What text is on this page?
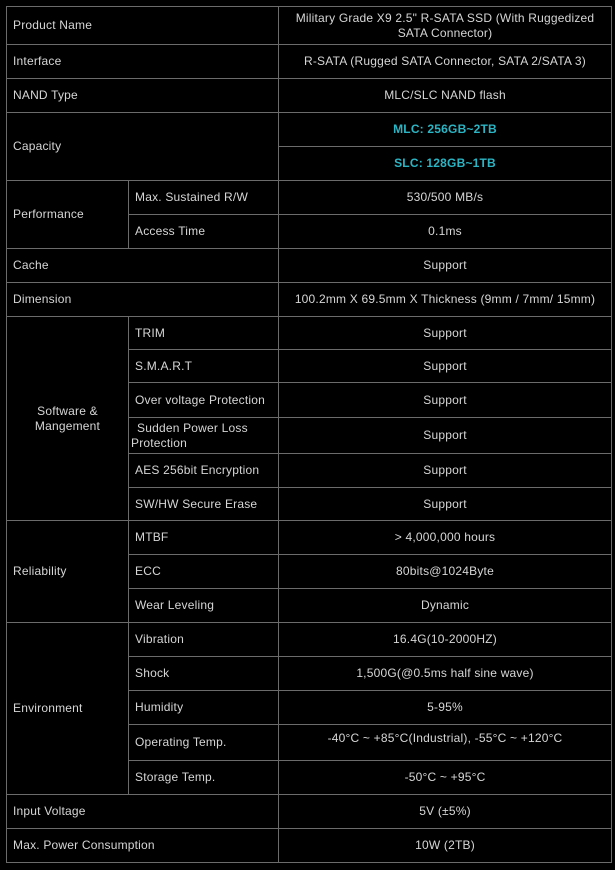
Product Name		Military Grade X9 2.5" R-SATA SSD (With Ruggedized SATA Connector)
Interface		R-SATA (Rugged SATA Connector, SATA 2/SATA 3)
NAND Type		MLC/SLC NAND flash
Capacity		MLC: 256GB~2TB
		SLC: 128GB~1TB
Performance	Max. Sustained R/W	530/500 MB/s
	Access Time	0.1ms
Cache		Support
Dimension		100.2mm X 69.5mm X Thickness (9mm / 7mm/ 15mm)
Software &
Mangement	TRIM	Support
	S.M.A.R.T	Support
	Over voltage Protection	Support
	Sudden Power Loss Protection	Support
	AES 256bit Encryption	Support
	SW/HW Secure Erase	Support
Reliability	MTBF	> 4,000,000 hours
	ECC	80bits@1024Byte
	Wear Leveling	Dynamic
Environment	Vibration	16.4G(10-2000HZ)
	Shock	1,500G(@0.5ms half sine wave)
	Humidity	5-95%
	Operating Temp.	-40°C ~ +85°C(Industrial), -55°C ~ +120°C
	Storage Temp.	-50°C ~ +95°C
Input Voltage		5V (±5%)
Max. Power Consumption		10W (2TB)
